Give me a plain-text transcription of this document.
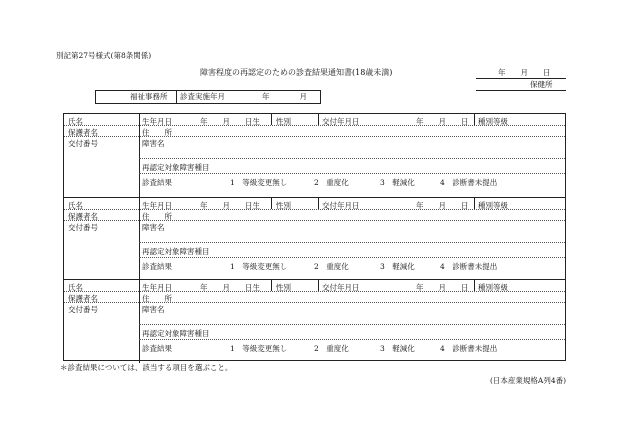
別記第27号様式(第8条関係)
障害程度の再認定のための診査結果通知書(18歳未満)	年　　月　　日
保健所
福祉事務所 診査実施年月	年　　　　月
氏名	生年月日	年　　月　　日生 性別	交付年月日	年　　月　　日 種別等級
保護者名	住　　所
交付番号	障害名
再認定対象障害種目
診査結果	1　等級変更無し	2　重度化	3　軽減化	4　診断書未提出
氏名	生年月日	年　　月　　日生 性別	交付年月日	年　　月　　日 種別等級
保護者名	住　　所
交付番号	障害名
再認定対象障害種目
診査結果	1　等級変更無し	2　重度化	3　軽減化	4　診断書未提出
氏名	生年月日	年　　月　　日生 性別	交付年月日	年　　月　　日 種別等級
保護者名	住　　所
交付番号	障害名
再認定対象障害種目
診査結果	1　等級変更無し	2　重度化	3　軽減化	4　診断書未提出
＊診査結果については、該当する項目を選ぶこと。
(日本産業規格A列4番)
